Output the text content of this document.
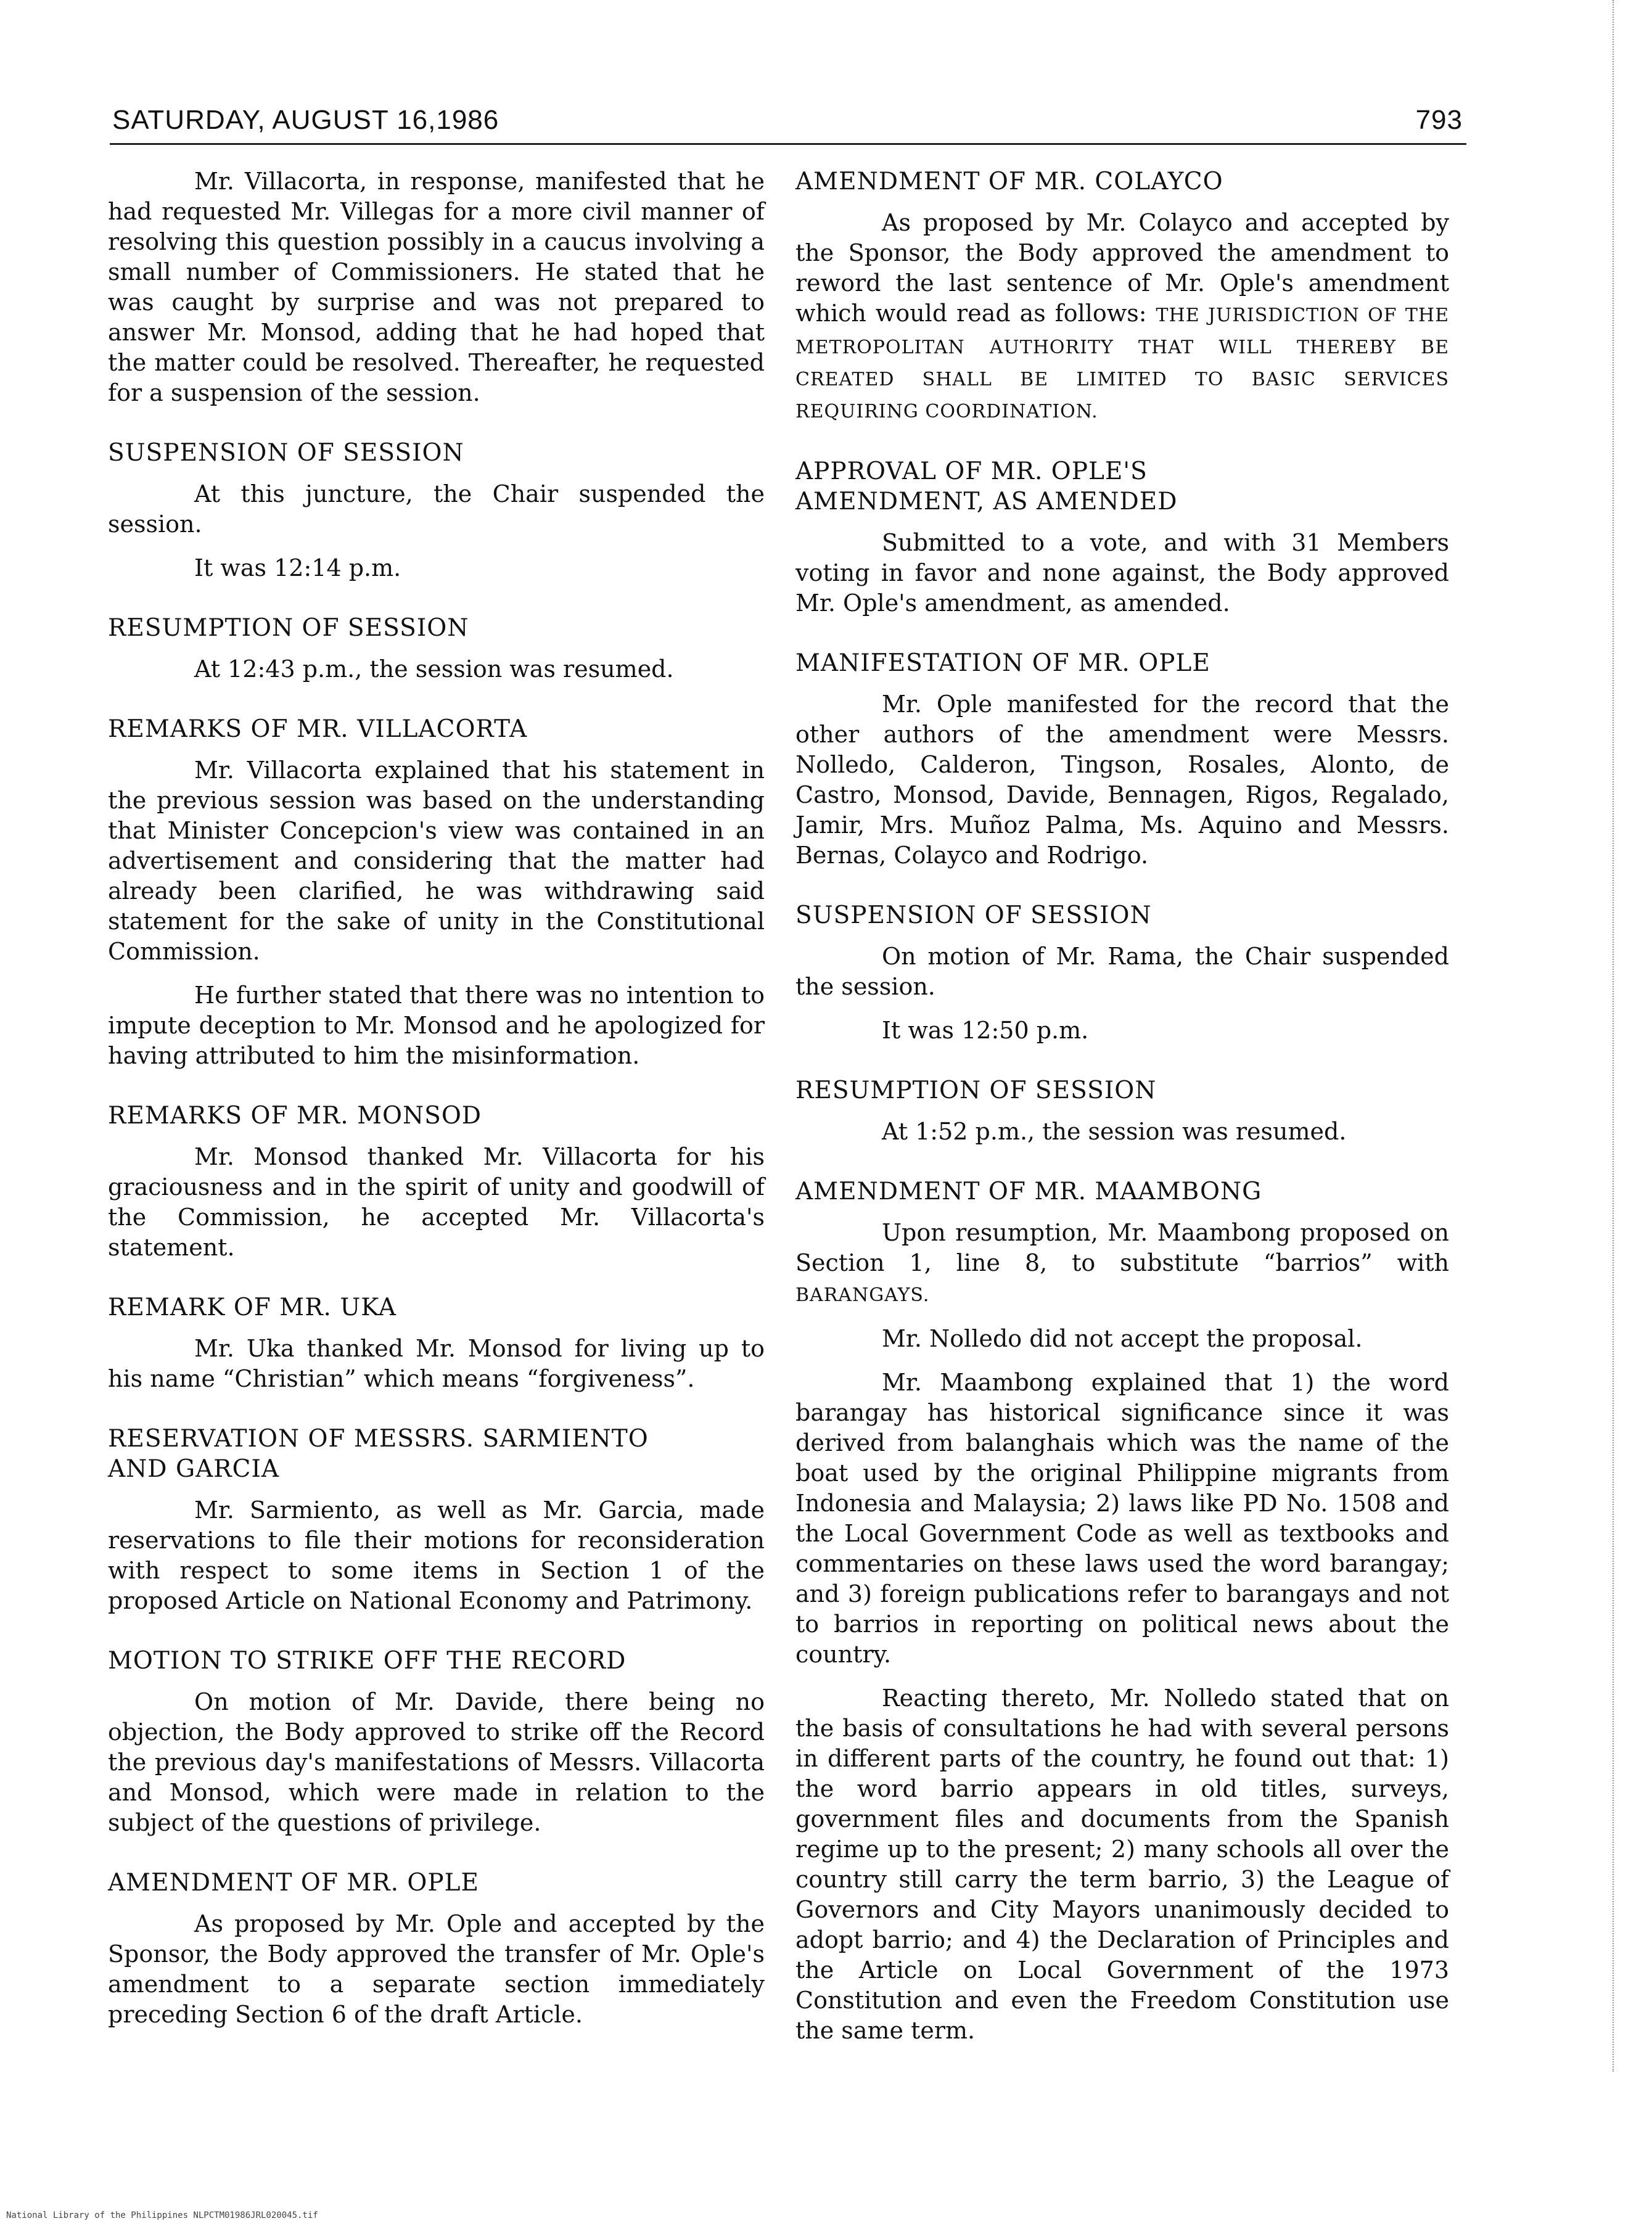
SATURDAY, AUGUST 16,1986	793

Mr. Villacorta, in response, manifested that he had requested Mr. Villegas for a more civil manner of resolving this question possibly in a caucus involving a small number of Commissioners. He stated that he was caught by surprise and was not prepared to answer Mr. Monsod, adding that he had hoped that the matter could be resolved. Thereafter, he requested for a suspension of the session.

SUSPENSION OF SESSION

At this juncture, the Chair suspended the session.

It was 12:14 p.m.

RESUMPTION OF SESSION

At 12:43 p.m., the session was resumed.

REMARKS OF MR. VILLACORTA

Mr. Villacorta explained that his statement in the previous session was based on the understanding that Minister Concepcion's view was contained in an advertisement and considering that the matter had already been clarified, he was withdrawing said statement for the sake of unity in the Constitutional Commission.

He further stated that there was no intention to impute deception to Mr. Monsod and he apologized for having attributed to him the misinformation.

REMARKS OF MR. MONSOD

Mr. Monsod thanked Mr. Villacorta for his graciousness and in the spirit of unity and goodwill of the Commission, he accepted Mr. Villacorta's statement.

REMARK OF MR. UKA

Mr. Uka thanked Mr. Monsod for living up to his name “Christian” which means “forgiveness”.

RESERVATION OF MESSRS. SARMIENTO
AND GARCIA

Mr. Sarmiento, as well as Mr. Garcia, made reservations to file their motions for reconsideration with respect to some items in Section 1 of the proposed Article on National Economy and Patrimony.

MOTION TO STRIKE OFF THE RECORD

On motion of Mr. Davide, there being no objection, the Body approved to strike off the Record the previous day's manifestations of Messrs. Villacorta and Monsod, which were made in relation to the subject of the questions of privilege.

AMENDMENT OF MR. OPLE

As proposed by Mr. Ople and accepted by the Sponsor, the Body approved the transfer of Mr. Ople's amendment to a separate section immediately preceding Section 6 of the draft Article.

AMENDMENT OF MR. COLAYCO

As proposed by Mr. Colayco and accepted by the Sponsor, the Body approved the amendment to reword the last sentence of Mr. Ople's amendment which would read as follows: THE JURISDICTION OF THE METROPOLITAN AUTHORITY THAT WILL THEREBY BE CREATED SHALL BE LIMITED TO BASIC SERVICES REQUIRING COORDINATION.

APPROVAL OF MR. OPLE'S
AMENDMENT, AS AMENDED

Submitted to a vote, and with 31 Members voting in favor and none against, the Body approved Mr. Ople's amendment, as amended.

MANIFESTATION OF MR. OPLE

Mr. Ople manifested for the record that the other authors of the amendment were Messrs. Nolledo, Calderon, Tingson, Rosales, Alonto, de Castro, Monsod, Davide, Bennagen, Rigos, Regalado, Jamir, Mrs. Muñoz Palma, Ms. Aquino and Messrs. Bernas, Colayco and Rodrigo.

SUSPENSION OF SESSION

On motion of Mr. Rama, the Chair suspended the session.

It was 12:50 p.m.

RESUMPTION OF SESSION

At 1:52 p.m., the session was resumed.

AMENDMENT OF MR. MAAMBONG

Upon resumption, Mr. Maambong proposed on Section 1, line 8, to substitute “barrios” with BARANGAYS.

Mr. Nolledo did not accept the proposal.

Mr. Maambong explained that 1) the word barangay has historical significance since it was derived from balanghais which was the name of the boat used by the original Philippine migrants from Indonesia and Malaysia; 2) laws like PD No. 1508 and the Local Government Code as well as textbooks and commentaries on these laws used the word barangay; and 3) foreign publications refer to barangays and not to barrios in reporting on political news about the country.

Reacting thereto, Mr. Nolledo stated that on the basis of consultations he had with several persons in different parts of the country, he found out that: 1) the word barrio appears in old titles, surveys, government files and documents from the Spanish regime up to the present; 2) many schools all over the country still carry the term barrio, 3) the League of Governors and City Mayors unanimously decided to adopt barrio; and 4) the Declaration of Principles and the Article on Local Government of the 1973 Constitution and even the Freedom Constitution use the same term.

National Library of the Philippines NLPCTM01986JRL020045.tif
